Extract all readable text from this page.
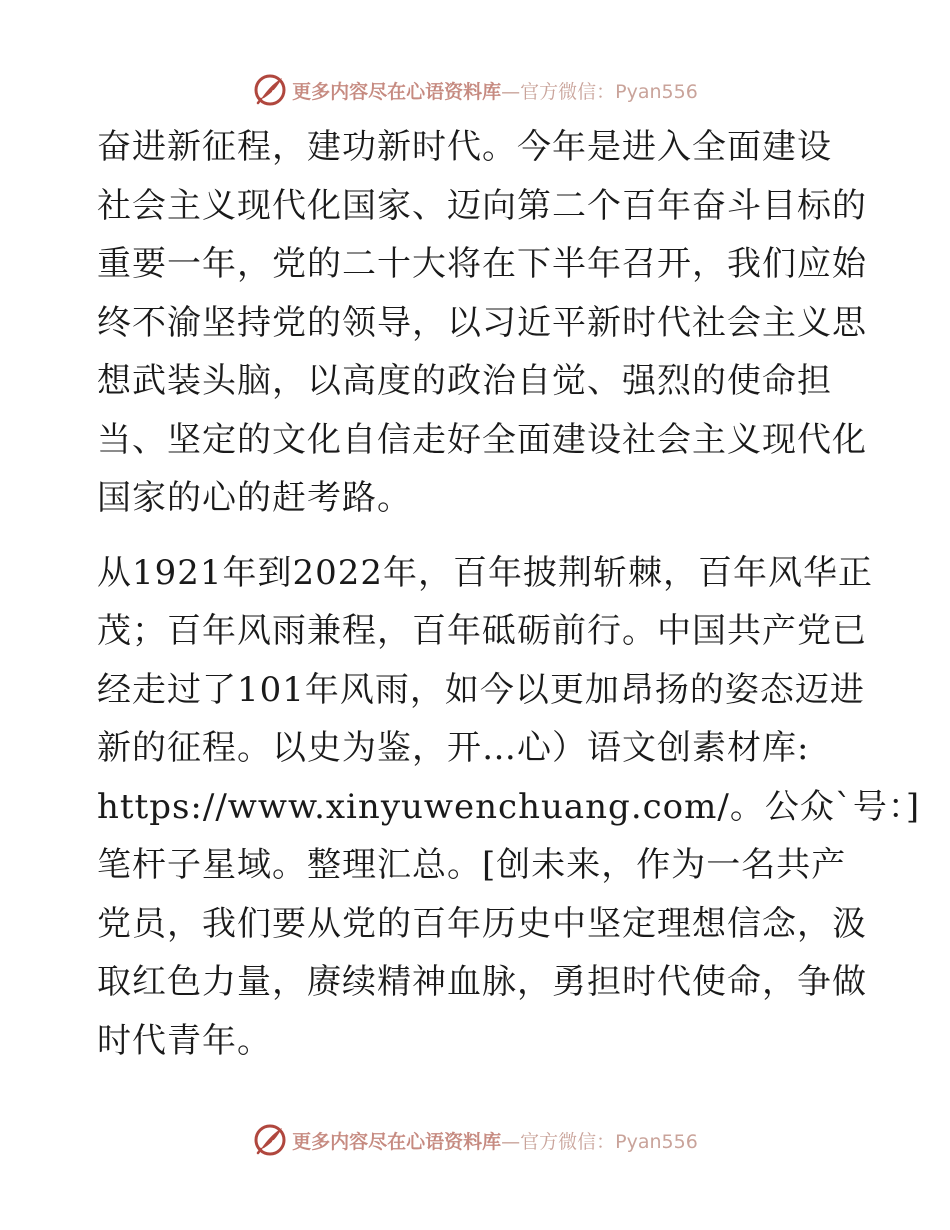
更多内容尽在心语资料库—官方微信：Pyan556

奋进新征程，建功新时代。今年是进入全面建设
社会主义现代化国家、迈向第二个百年奋斗目标的
重要一年，党的二十大将在下半年召开，我们应始
终不渝坚持党的领导，以习近平新时代社会主义思
想武装头脑，以高度的政治自觉、强烈的使命担
当、坚定的文化自信走好全面建设社会主义现代化
国家的心的赶考路。

从1921年到2022年，百年披荆斩棘，百年风华正
茂；百年风雨兼程，百年砥砺前行。中国共产党已
经走过了101年风雨，如今以更加昂扬的姿态迈进
新的征程。以史为鉴，开…心）语文创素材库:
https://www.xinyuwenchuang.com/。公众`号：]
笔杆子星域。整理汇总。[创未来，作为一名共产
党员，我们要从党的百年历史中坚定理想信念，汲
取红色力量，赓续精神血脉，勇担时代使命，争做
时代青年。

更多内容尽在心语资料库—官方微信：Pyan556
